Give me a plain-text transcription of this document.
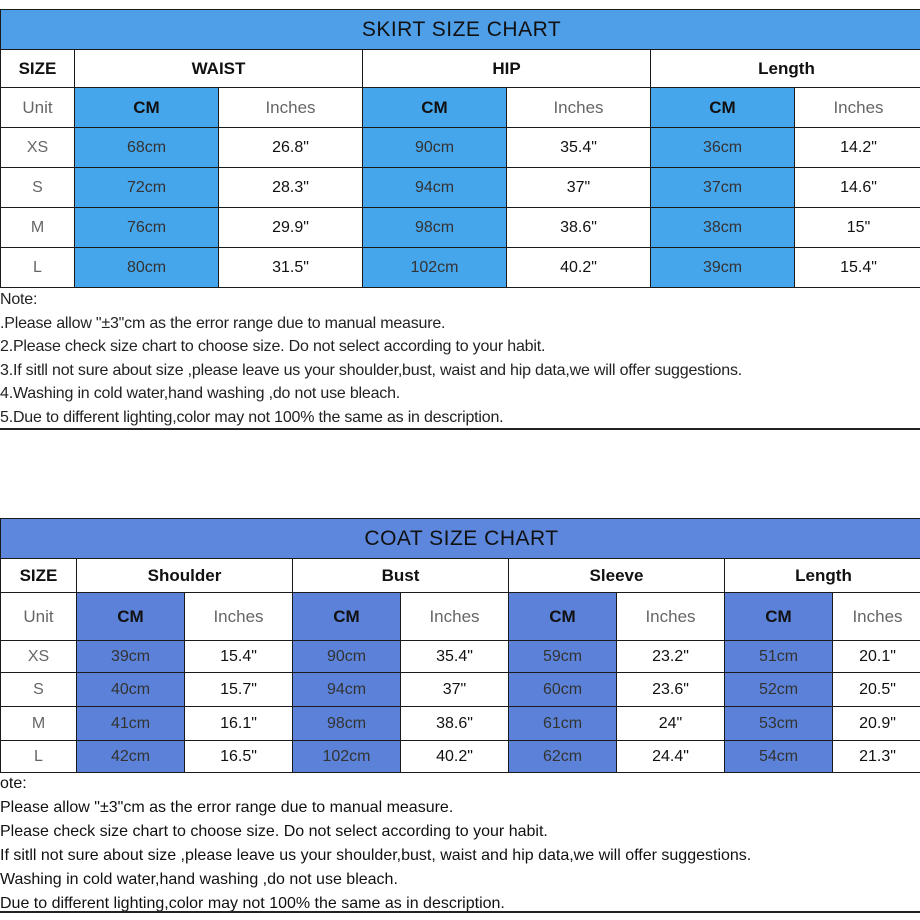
SKIRT SIZE CHART						
SIZE	WAIST		HIP		Length	
Unit	CM	Inches	CM	Inches	CM	Inches
XS	68cm	26.8"	90cm	35.4"	36cm	14.2"
S	72cm	28.3"	94cm	37"	37cm	14.6"
M	76cm	29.9"	98cm	38.6"	38cm	15"
L	80cm	31.5"	102cm	40.2"	39cm	15.4"
Note:
.Please allow "±3"cm as the error range due to manual measure.
2.Please check size chart to choose size. Do not select according to your habit.
3.If sitll not sure about size ,please leave us your shoulder,bust, waist and hip data,we will offer suggestions.
4.Washing in cold water,hand washing ,do not use bleach.
5.Due to different lighting,color may not 100% the same as in description.
COAT SIZE CHART								
SIZE	Shoulder		Bust		Sleeve		Length	
Unit	CM	Inches	CM	Inches	CM	Inches	CM	Inches
XS	39cm	15.4"	90cm	35.4"	59cm	23.2"	51cm	20.1"
S	40cm	15.7"	94cm	37"	60cm	23.6"	52cm	20.5"
M	41cm	16.1"	98cm	38.6"	61cm	24"	53cm	20.9"
L	42cm	16.5"	102cm	40.2"	62cm	24.4"	54cm	21.3"
ote:
Please allow "±3"cm as the error range due to manual measure.
Please check size chart to choose size. Do not select according to your habit.
If sitll not sure about size ,please leave us your shoulder,bust, waist and hip data,we will offer suggestions.
Washing in cold water,hand washing ,do not use bleach.
Due to different lighting,color may not 100% the same as in description.
